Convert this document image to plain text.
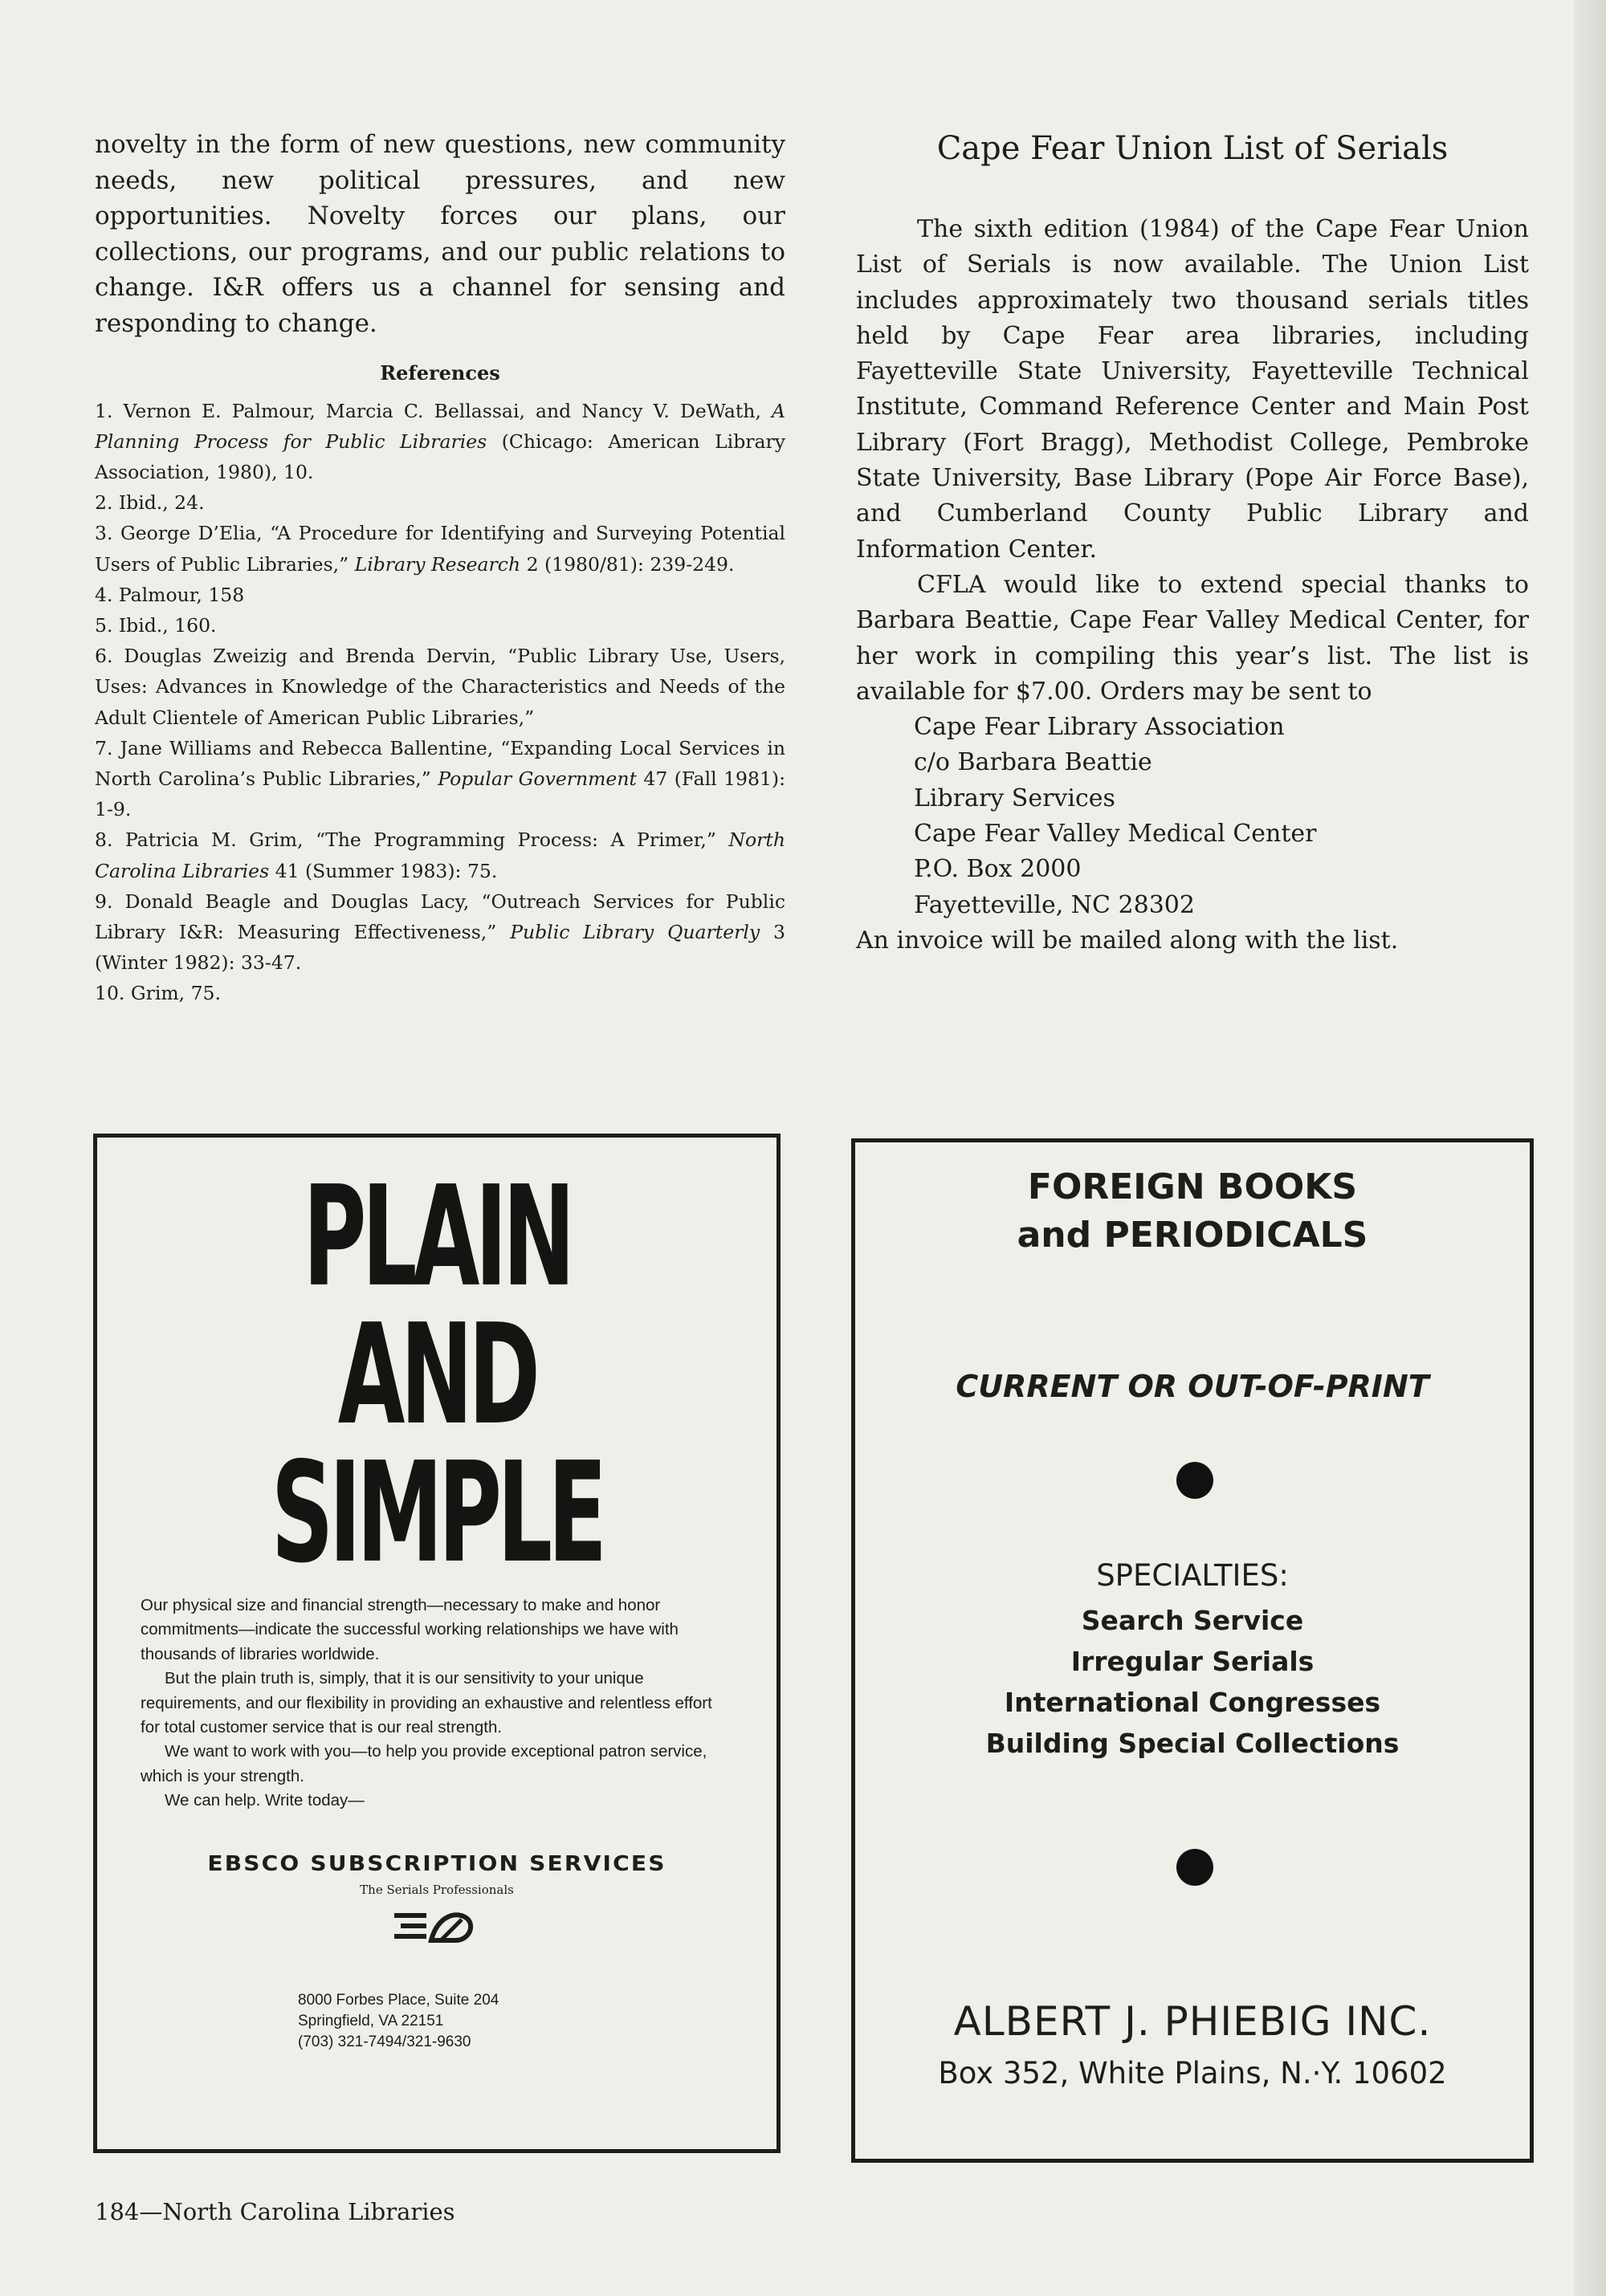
novelty in the form of new questions, new community needs, new political pressures, and new opportunities. Novelty forces our plans, our collections, our programs, and our public relations to change. I&R offers us a channel for sensing and responding to change.

References
1. Vernon E. Palmour, Marcia C. Bellassai, and Nancy V. DeWath, A Planning Process for Public Libraries (Chicago: American Library Association, 1980), 10.
2. Ibid., 24.
3. George D’Elia, “A Procedure for Identifying and Surveying Potential Users of Public Libraries,” Library Research 2 (1980/81): 239-249.
4. Palmour, 158
5. Ibid., 160.
6. Douglas Zweizig and Brenda Dervin, “Public Library Use, Users, Uses: Advances in Knowledge of the Characteristics and Needs of the Adult Clientele of American Public Libraries,”
7. Jane Williams and Rebecca Ballentine, “Expanding Local Services in North Carolina’s Public Libraries,” Popular Government 47 (Fall 1981): 1-9.
8. Patricia M. Grim, “The Programming Process: A Primer,” North Carolina Libraries 41 (Summer 1983): 75.
9. Donald Beagle and Douglas Lacy, “Outreach Services for Public Library I&R: Measuring Effectiveness,” Public Library Quarterly 3 (Winter 1982): 33-47.
10. Grim, 75.
Cape Fear Union List of Serials

The sixth edition (1984) of the Cape Fear Union List of Serials is now available. The Union List includes approximately two thousand serials titles held by Cape Fear area libraries, including Fayetteville State University, Fayetteville Technical Institute, Command Reference Center and Main Post Library (Fort Bragg), Methodist College, Pembroke State University, Base Library (Pope Air Force Base), and Cumberland County Public Library and Information Center.

CFLA would like to extend special thanks to Barbara Beattie, Cape Fear Valley Medical Center, for her work in compiling this year’s list. The list is available for $7.00. Orders may be sent to

Cape Fear Library Association
c/o Barbara Beattie
Library Services
Cape Fear Valley Medical Center
P.O. Box 2000
Fayetteville, NC 28302

An invoice will be mailed along with the list.

PLAIN
AND
SIMPLE

Our physical size and financial strength—necessary to make and honor commitments—indicate the successful working relationships we have with thousands of libraries worldwide.

But the plain truth is, simply, that it is our sensitivity to your unique requirements, and our flexibility in providing an exhaustive and relentless effort for total customer service that is our real strength.

We want to work with you—to help you provide exceptional patron service, which is your strength.

We can help. Write today—

EBSCO SUBSCRIPTION SERVICES
The Serials Professionals
8000 Forbes Place, Suite 204
Springfield, VA 22151
(703) 321-7494/321-9630
FOREIGN BOOKS
and PERIODICALS
CURRENT OR OUT-OF-PRINT
SPECIALTIES:
Search Service
Irregular Serials
International Congresses
Building Special Collections
ALBERT J. PHIEBIG INC.
Box 352, White Plains, N.·Y. 10602
184—North Carolina Libraries
